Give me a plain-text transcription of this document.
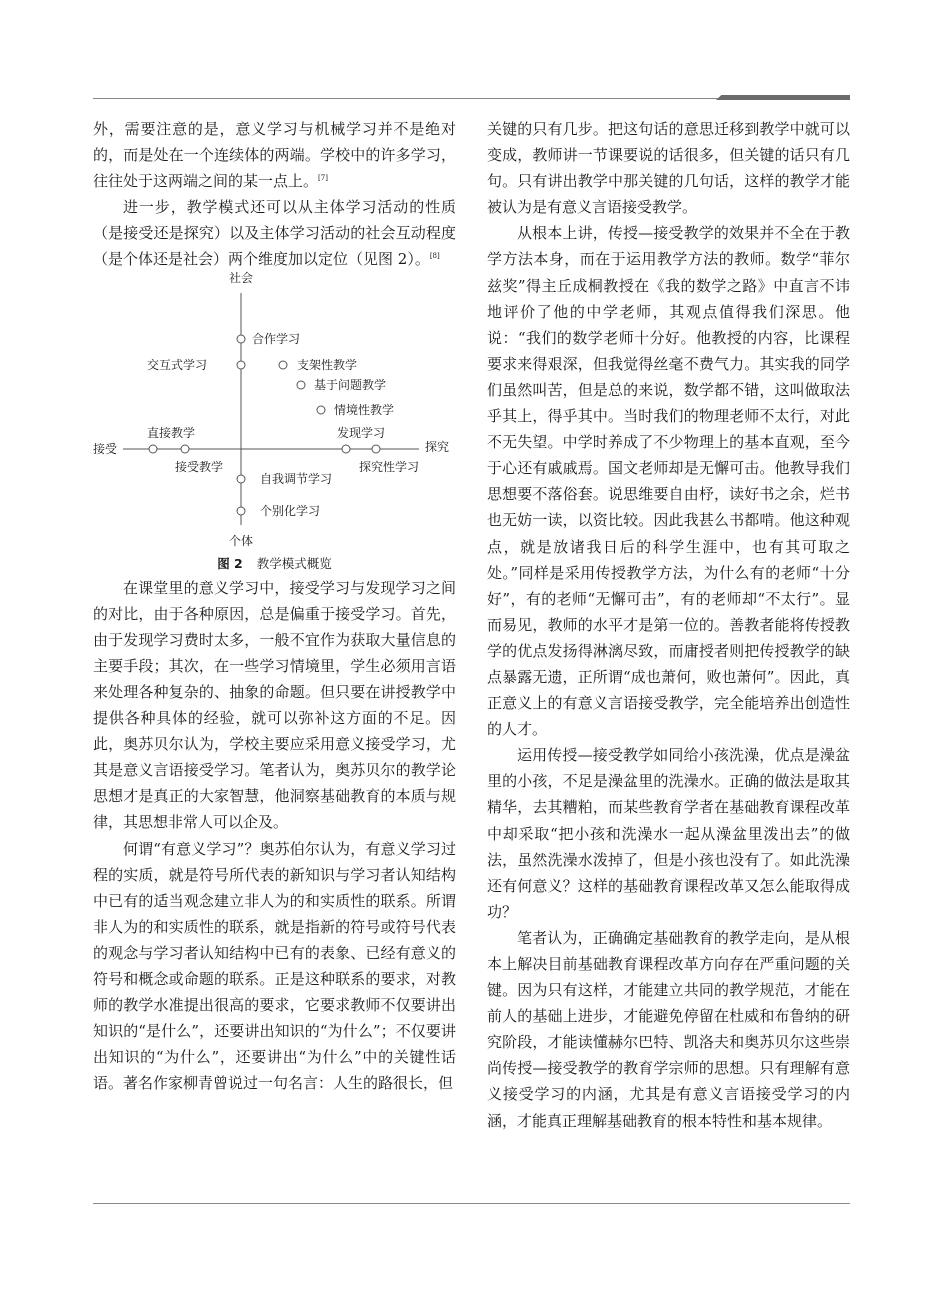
外，需要注意的是，意义学习与机械学习并不是绝对的，而是处在一个连续体的两端。学校中的许多学习，往往处于这两端之间的某一点上。[7]

进一步，教学模式还可以从主体学习活动的性质（是接受还是探究）以及主体学习活动的社会互动程度（是个体还是社会）两个维度加以定位（见图 2）。[8]

社会
个体
接受	探究
合作学习
交互式学习	支架性教学
基于问题教学
情境性教学
直接教学
接受教学
发现学习
探究性学习
自我调节学习
个别化学习
图 2 教学模式概览

在课堂里的意义学习中，接受学习与发现学习之间的对比，由于各种原因，总是偏重于接受学习。首先，由于发现学习费时太多，一般不宜作为获取大量信息的主要手段；其次，在一些学习情境里，学生必须用言语来处理各种复杂的、抽象的命题。但只要在讲授教学中提供各种具体的经验，就可以弥补这方面的不足。因此，奥苏贝尔认为，学校主要应采用意义接受学习，尤其是意义言语接受学习。笔者认为，奥苏贝尔的教学论思想才是真正的大家智慧，他洞察基础教育的本质与规律，其思想非常人可以企及。

何谓“有意义学习”？奥苏伯尔认为，有意义学习过程的实质，就是符号所代表的新知识与学习者认知结构中已有的适当观念建立非人为的和实质性的联系。所谓非人为的和实质性的联系，就是指新的符号或符号代表的观念与学习者认知结构中已有的表象、已经有意义的符号和概念或命题的联系。正是这种联系的要求，对教师的教学水准提出很高的要求，它要求教师不仅要讲出知识的“是什么”，还要讲出知识的“为什么”；不仅要讲出知识的“为什么”，还要讲出“为什么”中的关键性话语。著名作家柳青曾说过一句名言：人生的路很长，但

关键的只有几步。把这句话的意思迁移到教学中就可以变成，教师讲一节课要说的话很多，但关键的话只有几句。只有讲出教学中那关键的几句话，这样的教学才能被认为是有意义言语接受教学。

从根本上讲，传授—接受教学的效果并不全在于教学方法本身，而在于运用教学方法的教师。数学“菲尔兹奖”得主丘成桐教授在《我的数学之路》中直言不讳地评价了他的中学老师，其观点值得我们深思。他说：“我们的数学老师十分好。他教授的内容，比课程要求来得艰深，但我觉得丝毫不费气力。其实我的同学们虽然叫苦，但是总的来说，数学都不错，这叫做取法乎其上，得乎其中。当时我们的物理老师不太行，对此不无失望。中学时养成了不少物理上的基本直观，至今于心还有戚戚焉。国文老师却是无懈可击。他教导我们思想要不落俗套。说思维要自由杼，读好书之余，烂书也无妨一读，以资比较。因此我甚么书都啃。他这种观点，就是放诸我日后的科学生涯中，也有其可取之处。”同样是采用传授教学方法，为什么有的老师“十分好”，有的老师“无懈可击”，有的老师却“不太行”。显而易见，教师的水平才是第一位的。善教者能将传授教学的优点发扬得淋漓尽致，而庸授者则把传授教学的缺点暴露无遗，正所谓“成也萧何，败也萧何”。因此，真正意义上的有意义言语接受教学，完全能培养出创造性的人才。

运用传授—接受教学如同给小孩洗澡，优点是澡盆里的小孩，不足是澡盆里的洗澡水。正确的做法是取其精华，去其糟粕，而某些教育学者在基础教育课程改革中却采取“把小孩和洗澡水一起从澡盆里泼出去”的做法，虽然洗澡水泼掉了，但是小孩也没有了。如此洗澡还有何意义？这样的基础教育课程改革又怎么能取得成功？

笔者认为，正确确定基础教育的教学走向，是从根本上解决目前基础教育课程改革方向存在严重问题的关键。因为只有这样，才能建立共同的教学规范，才能在前人的基础上进步，才能避免停留在杜威和布鲁纳的研究阶段，才能读懂赫尔巴特、凯洛夫和奥苏贝尔这些崇尚传授—接受教学的教育学宗师的思想。只有理解有意义接受学习的内涵，尤其是有意义言语接受学习的内涵，才能真正理解基础教育的根本特性和基本规律。
